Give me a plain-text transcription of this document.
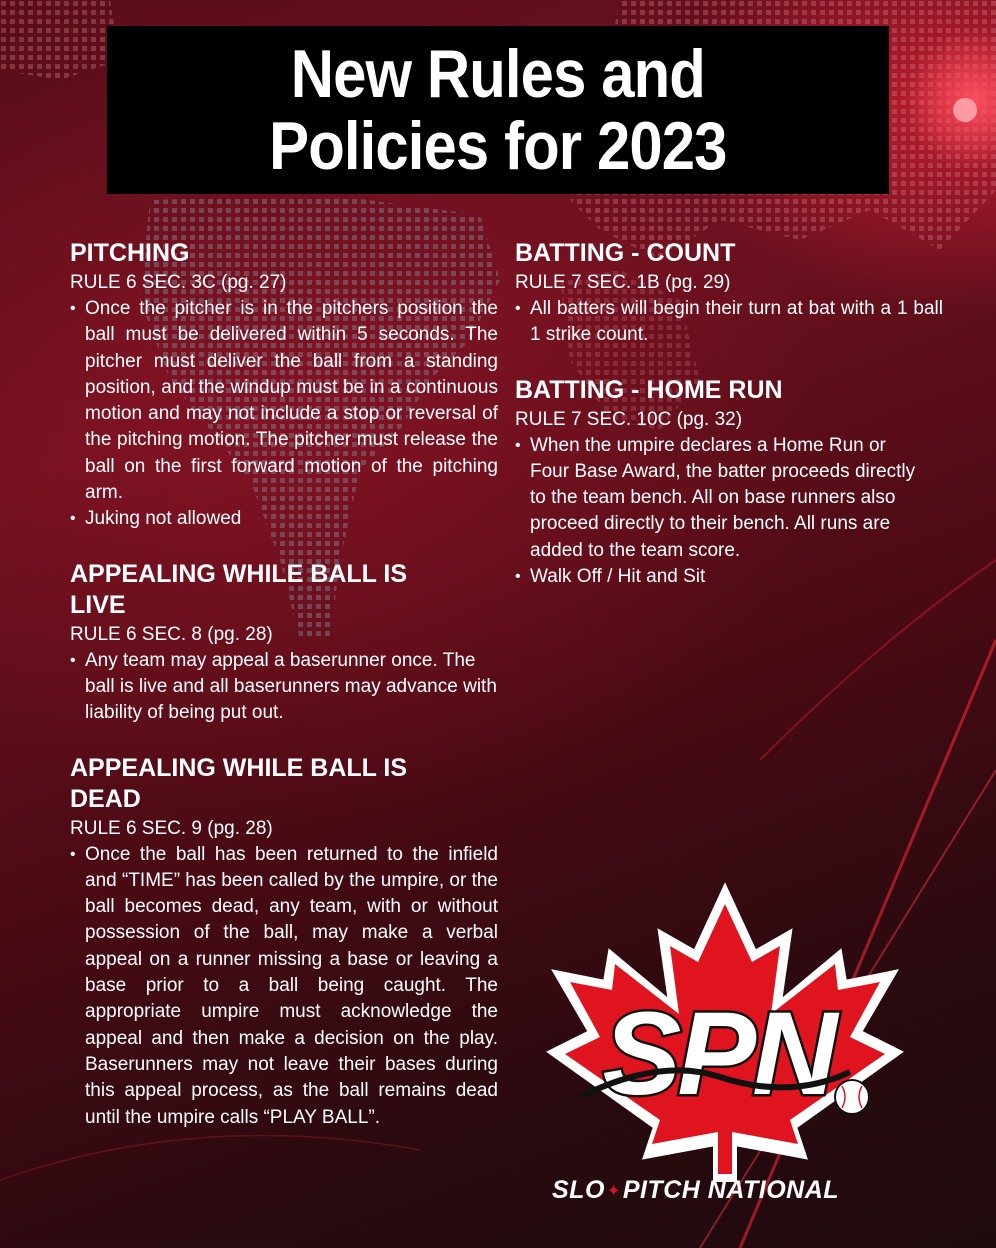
New Rules and
Policies for 2023
PITCHING
RULE 6 SEC. 3C (pg. 27)
• Once the pitcher is in the pitchers position the ball must be delivered within 5 seconds. The pitcher must deliver the ball from a standing position, and the windup must be in a continuous motion and may not include a stop or reversal of the pitching motion. The pitcher must release the ball on the first forward motion of the pitching arm.
• Juking not allowed
APPEALING WHILE BALL IS LIVE
RULE 6 SEC. 8 (pg. 28)
• Any team may appeal a baserunner once. The ball is live and all baserunners may advance with liability of being put out.
APPEALING WHILE BALL IS DEAD
RULE 6 SEC. 9 (pg. 28)
• Once the ball has been returned to the infield and “TIME” has been called by the umpire, or the ball becomes dead, any team, with or without possession of the ball, may make a verbal appeal on a runner missing a base or leaving a base prior to a ball being caught. The appropriate umpire must acknowledge the appeal and then make a decision on the play. Baserunners may not leave their bases during this appeal process, as the ball remains dead until the umpire calls “PLAY BALL”.
BATTING - COUNT
RULE 7 SEC. 1B (pg. 29)
• All batters will begin their turn at bat with a 1 ball 1 strike count.
BATTING - HOME RUN
RULE 7 SEC. 10C (pg. 32)
• When the umpire declares a Home Run or Four Base Award, the batter proceeds directly to the team bench. All on base runners also proceed directly to their bench. All runs are added to the team score.
• Walk Off / Hit and Sit
SPN
SLO ✦PITCH NATIONAL
